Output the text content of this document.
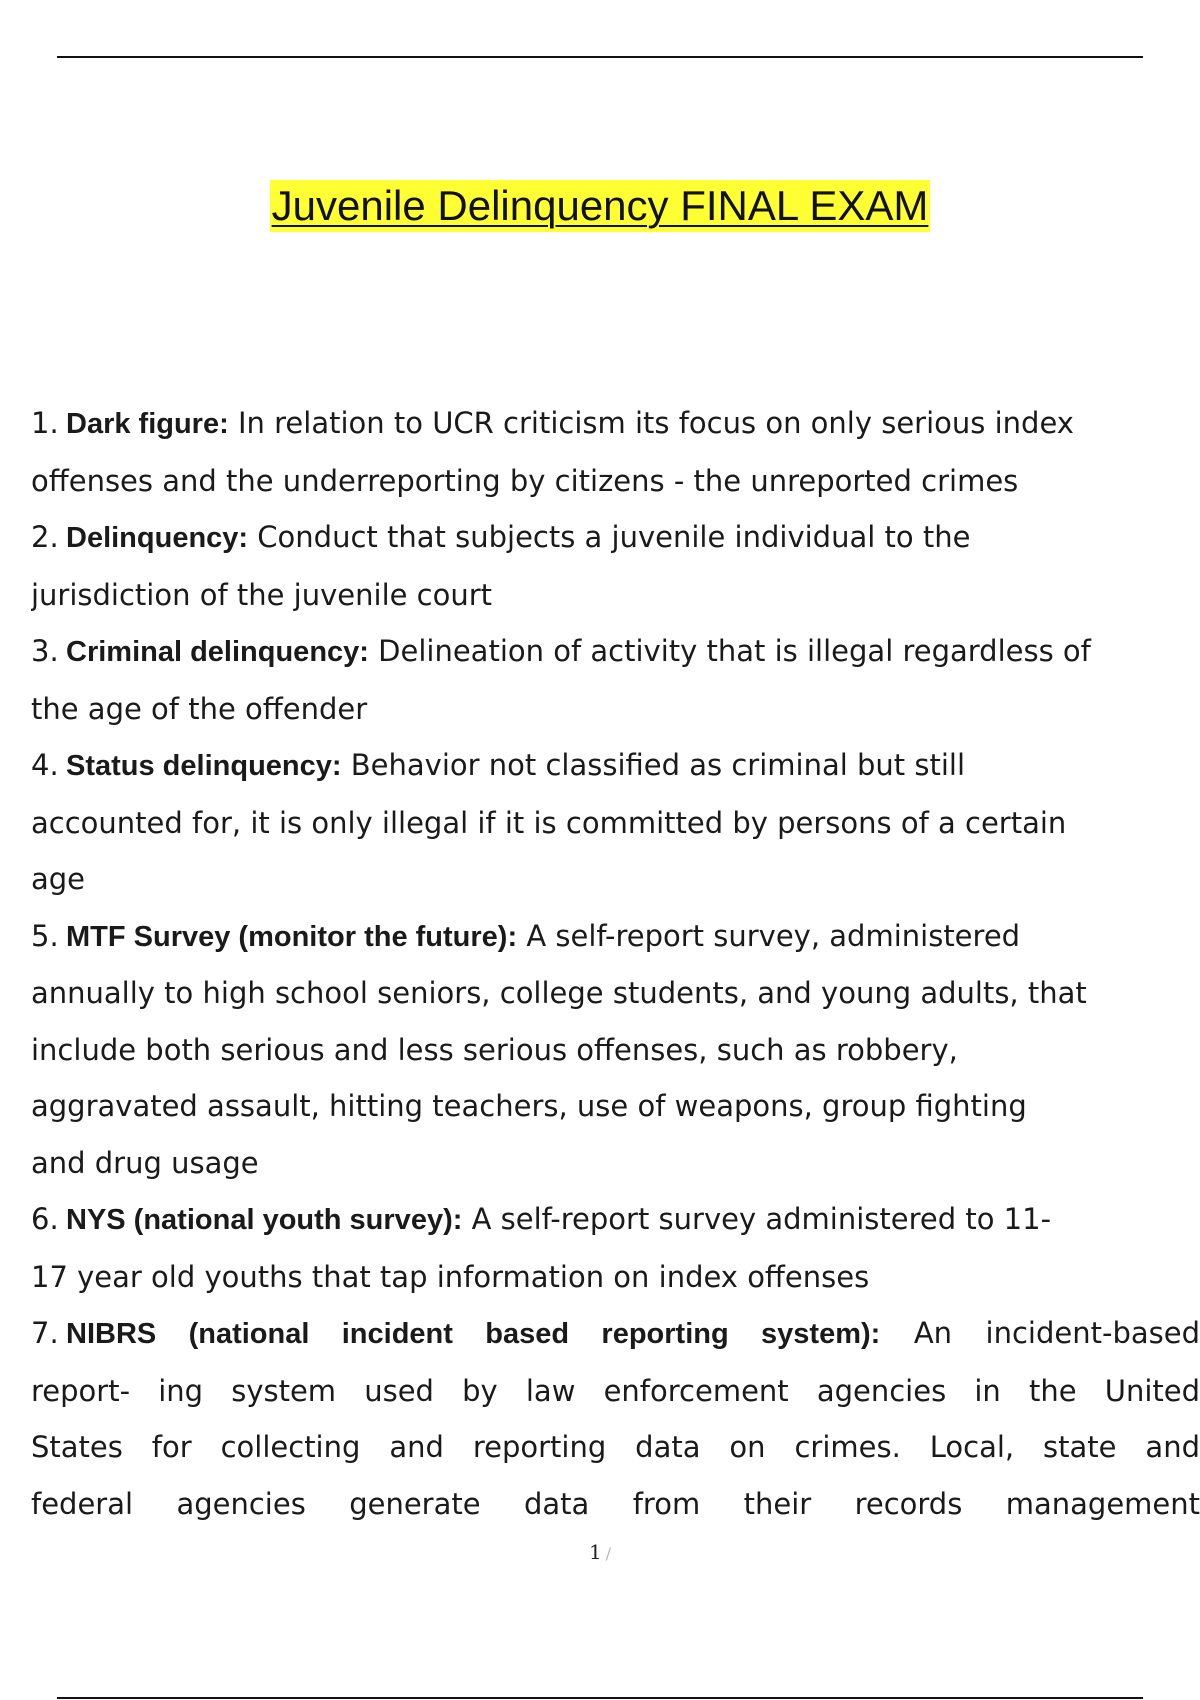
Juvenile Delinquency FINAL EXAM
1. Dark figure: In relation to UCR criticism its focus on only serious index
offenses and the underreporting by citizens - the unreported crimes
2. Delinquency: Conduct that subjects a juvenile individual to the
jurisdiction of the juvenile court
3. Criminal delinquency: Delineation of activity that is illegal regardless of
the age of the offender
4. Status delinquency: Behavior not classified as criminal but still
accounted for, it is only illegal if it is committed by persons of a certain
age
5. MTF Survey (monitor the future): A self-report survey, administered
annually to high school seniors, college students, and young adults, that
include both serious and less serious offenses, such as robbery,
aggravated assault, hitting teachers, use of weapons, group fighting
and drug usage
6. NYS (national youth survey): A self-report survey administered to 11-
17 year old youths that tap information on index offenses
7. NIBRS (national incident based reporting system): An incident-based
report- ing system used by law enforcement agencies in the United
States for collecting and reporting data on crimes. Local, state and
federal agencies generate data from their records management
1 /
